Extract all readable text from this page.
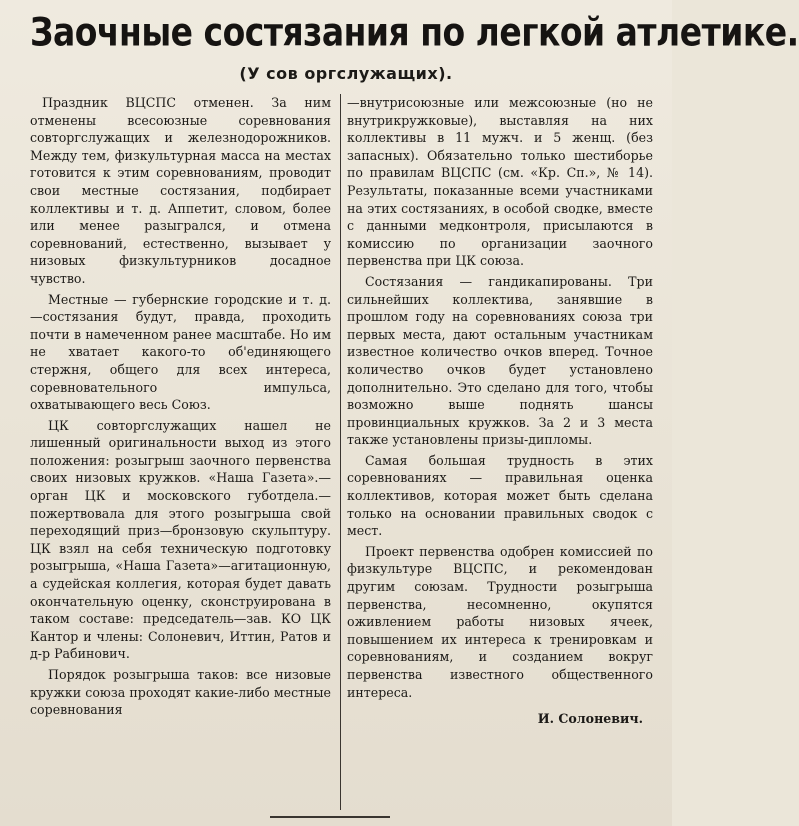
Заочные состязания по легкой атлетике.
(У сов оргслужащих).

Праздник ВЦСПС отменен. За ним отменены всесоюзные соревнования совторгслужащих и железнодорожников. Между тем, физкультурная масса на местах готовится к этим соревнованиям, проводит свои местные состязания, подбирает коллективы и т. д. Аппетит, словом, более или менее разыгрался, и отмена соревнований, естественно, вызывает у низовых физкультурников досадное чувство.

Местные — губернские городские и т. д.—состязания будут, правда, проходить почти в намеченном ранее масштабе. Но им не хватает какого-то об'единяющего стержня, общего для всех интереса, соревновательного импульса, охватывающего весь Союз.

ЦК совторгслужащих нашел не лишенный оригинальности выход из этого положения: розыгрыш заочного первенства своих низовых кружков. «Наша Газета».—орган ЦК и московского губотдела.—пожертвовала для этого розыгрыша свой переходящий приз—бронзовую скульптуру. ЦК взял на себя техническую подготовку розыгрыша, «Наша Газета»—агитационную, а судейская коллегия, которая будет давать окончательную оценку, сконструирована в таком составе: председатель—зав. КО ЦК Кантор и члены: Солоневич, Иттин, Ратов и д-р Рабинович.

Порядок розыгрыша таков: все низовые кружки союза проходят какие-либо местные соревнования

—внутрисоюзные или межсоюзные (но не внутрикружковые), выставляя на них коллективы в 11 мужч. и 5 женщ. (без запасных). Обязательно только шестиборье по правилам ВЦСПС (см. «Кр. Сп.», № 14). Результаты, показанные всеми участниками на этих состязаниях, в особой сводке, вместе с данными медконтроля, присылаются в комиссию по организации заочного первенства при ЦК союза.

Состязания — гандикапированы. Три сильнейших коллектива, занявшие в прошлом году на соревнованиях союза три первых места, дают остальным участникам известное количество очков вперед. Точное количество очков будет установлено дополнительно. Это сделано для того, чтобы возможно выше поднять шансы провинциальных кружков. За 2 и 3 места также установлены призы-дипломы.

Самая большая трудность в этих соревнованиях — правильная оценка коллективов, которая может быть сделана только на основании правильных сводок с мест.

Проект первенства одобрен комиссией по физкультуре ВЦСПС, и рекомендован другим союзам. Трудности розыгрыша первенства, несомненно, окупятся оживлением работы низовых ячеек, повышением их интереса к тренировкам и соревнованиям, и созданием вокруг первенства известного общественного интереса.

И. Солоневич.
